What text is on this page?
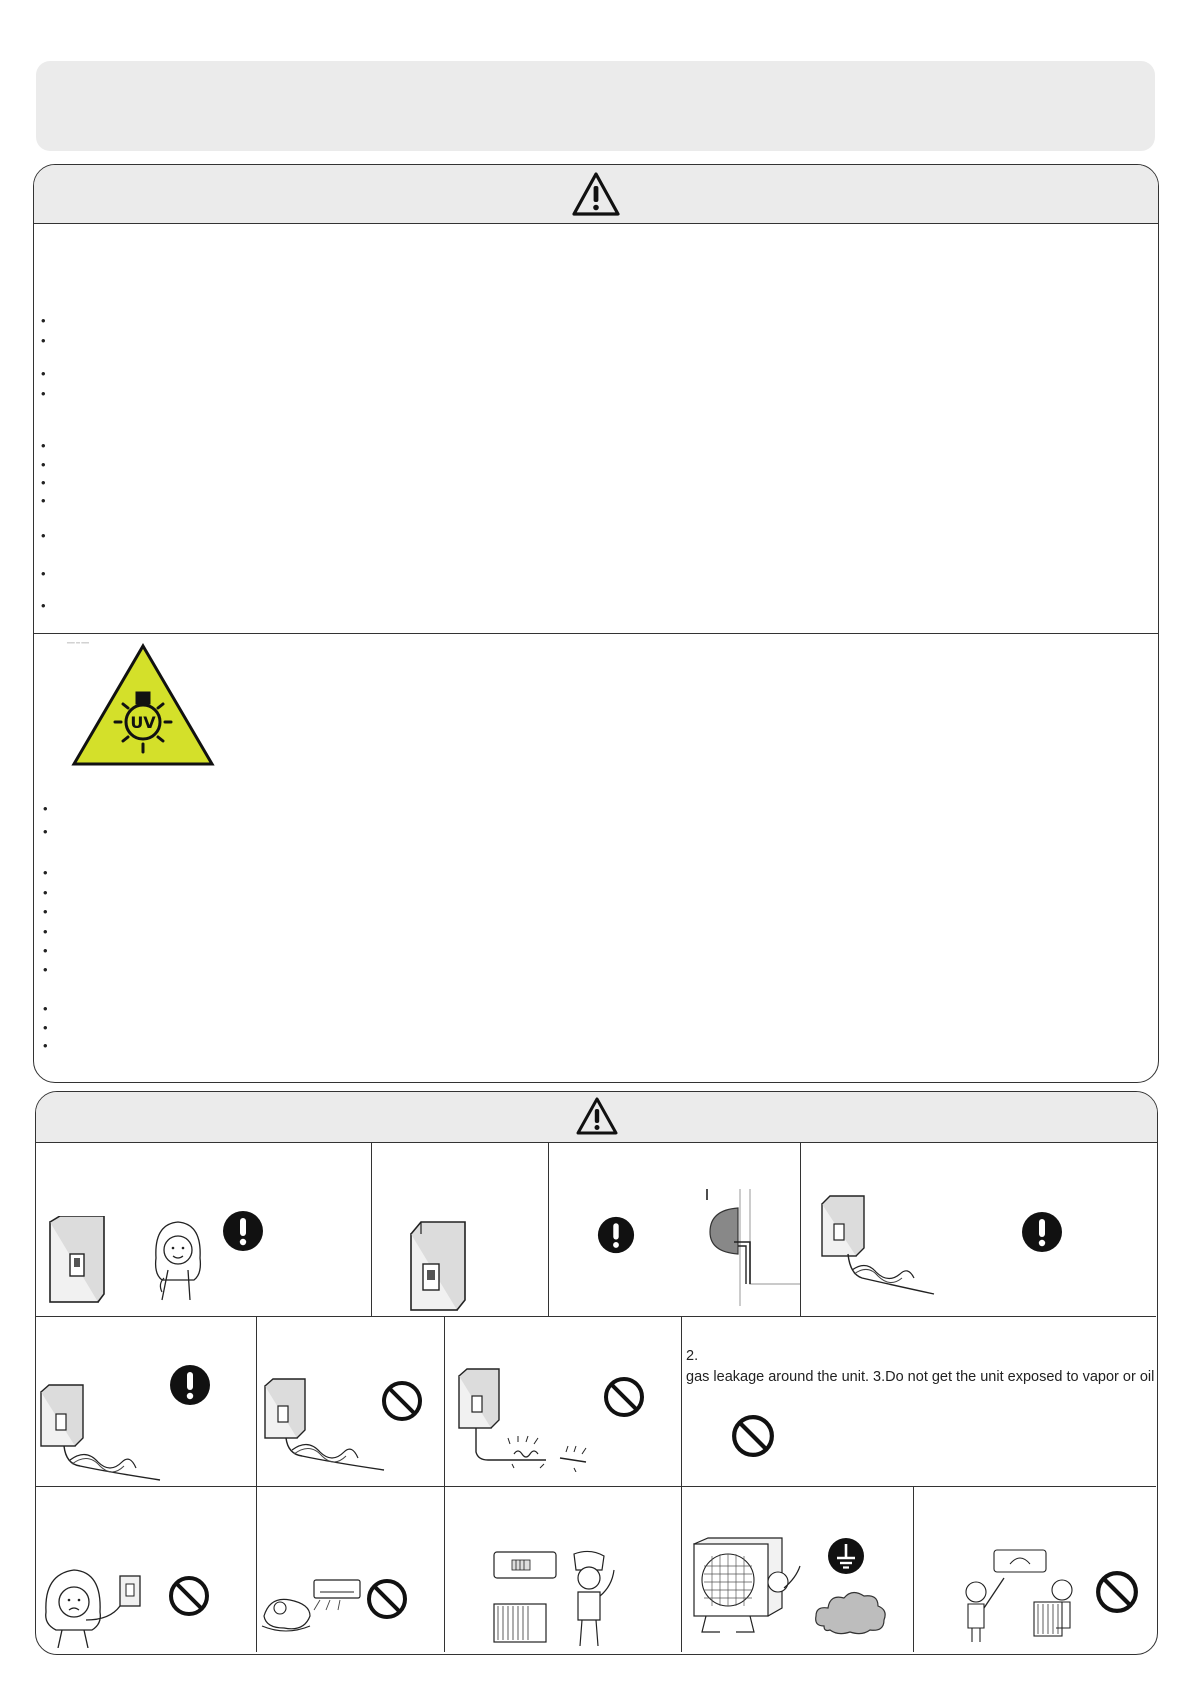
•
•
•
•
•
•
•
•
•
•
•
▔▔ ▔ ▔▔
UV
•
•
•
•
•
•
•
•
•
•
•
2.
gas leakage around the unit. 3.Do not get the unit exposed to vapor or oil
